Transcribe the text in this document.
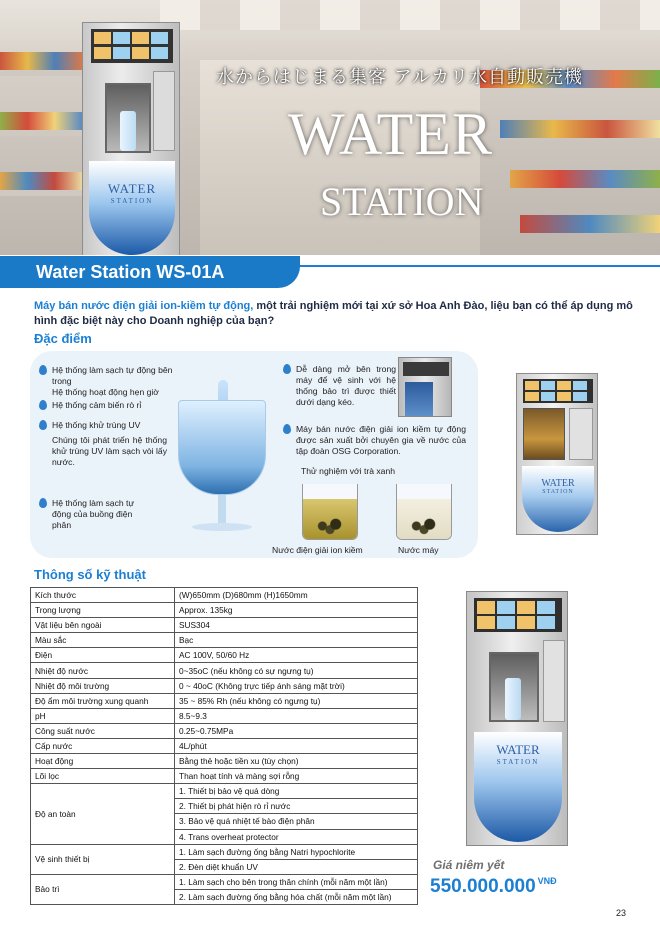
WATER
STATION
水からはじまる集客 アルカリ水自動販売機
WATER
STATION
Water Station WS-01A

Máy bán nước điện giải ion-kiềm tự động, một trải nghiệm mới tại xứ sở Hoa Anh Đào, liệu bạn có thể áp dụng mô hình đặc biệt này cho Doanh nghiệp của bạn?

Đặc điểm

Hệ thống làm sạch tự động bên trong

Hệ thống hoạt động hẹn giờ

Hệ thống cảm biến rò rỉ

Hệ thống khử trùng UV

Chúng tôi phát triển hệ thống khử trùng UV làm sạch vòi lấy nước.

Hệ thống làm sạch tự động của buồng điện phân

Dễ dàng mở bên trong máy để vệ sinh với hệ thống bảo trì được thiết dưới dạng kéo.

Máy bán nước điện giải ion kiềm tự động được sản xuất bởi chuyên gia về nước của tập đoàn OSG Corporation.

Thử nghiệm với trà xanh
Nước điện giải ion kiềm	Nước máy
WATER
STATION
Thông số kỹ thuật
Kích thước	(W)650mm (D)680mm (H)1650mm
Trọng lượng	Approx. 135kg
Vật liệu bên ngoài	SUS304
Màu sắc	Bạc
Điện	AC 100V, 50/60 Hz
Nhiệt độ nước	0~35oC (nếu không có sự ngưng tụ)
Nhiệt độ môi trường	0 ~ 40oC (Không trực tiếp ánh sáng mặt trời)
Độ ẩm môi trường xung quanh	35 ~ 85% Rh (nếu không có ngưng tụ)
pH	8.5~9.3
Công suất nước	0.25~0.75MPa
Cấp nước	4L/phút
Hoạt động	Bằng thẻ hoặc tiền xu (tùy chọn)
Lõi lọc	Than hoạt tính và màng sợi rỗng
Độ an toàn	1. Thiết bị bảo vệ quá dòng
	2. Thiết bị phát hiện rò rỉ nước
	3. Bảo vệ quá nhiệt tế bào điện phân
	4. Trans overheat protector
Vệ sinh thiết bị	1. Làm sạch đường ống bằng Natri hypochlorite
	2. Đèn diệt khuẩn UV
Bảo trì	1. Làm sạch cho bên trong thân chính (mỗi năm một lần)
	2. Làm sạch đường ống bằng hóa chất (mỗi năm một lần)
WATER
STATION
Giá niêm yết
550.000.000 $^{VNĐ}$
23
